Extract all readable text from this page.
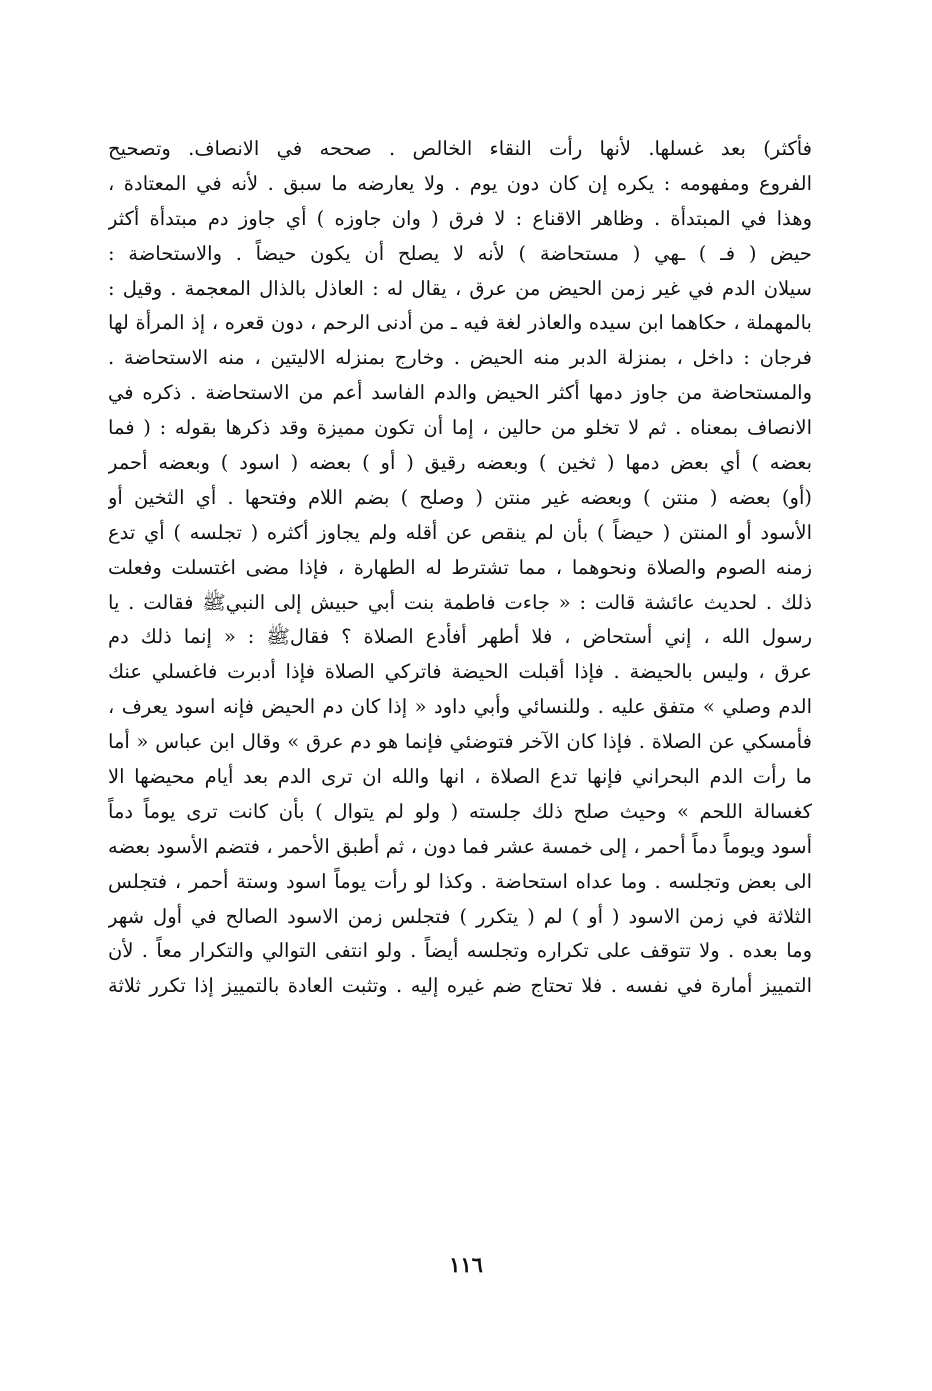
فأكثر) بعد غسلها. لأنها رأت النقاء الخالص . صححه في الانصاف. وتصحيح
الفروع ومفهومه : يكره إن كان دون يوم . ولا يعارضه ما سبق . لأنه في المعتادة ،
وهذا في المبتدأة . وظاهر الاقناع : لا فرق ( وان جاوزه ) أي جاوز دم مبتدأة أكثر
حيض ( فـ ) ـهي ( مستحاضة ) لأنه لا يصلح أن يكون حيضاً . والاستحاضة :
سيلان الدم في غير زمن الحيض من عرق ، يقال له : العاذل بالذال المعجمة . وقيل :
بالمهملة ، حكاهما ابن سيده والعاذر لغة فيه ـ من أدنى الرحم ، دون قعره ، إذ المرأة لها
فرجان : داخل ، بمنزلة الدبر منه الحيض . وخارج بمنزله الاليتين ، منه الاستحاضة .
والمستحاضة من جاوز دمها أكثر الحيض والدم الفاسد أعم من الاستحاضة . ذكره في
الانصاف بمعناه . ثم لا تخلو من حالين ، إما أن تكون مميزة وقد ذكرها بقوله : ( فما
بعضه ) أي بعض دمها ( ثخين ) وبعضه رقيق ( أو ) بعضه ( اسود ) وبعضه أحمر
(أو) بعضه ( منتن ) وبعضه غير منتن ( وصلح ) بضم اللام وفتحها . أي الثخين أو
الأسود أو المنتن ( حيضاً ) بأن لم ينقص عن أقله ولم يجاوز أكثره ( تجلسه ) أي تدع
زمنه الصوم والصلاة ونحوهما ، مما تشترط له الطهارة ، فإذا مضى اغتسلت وفعلت
ذلك . لحديث عائشة قالت : « جاءت فاطمة بنت أبي حبيش إلى النبيﷺ فقالت . يا
رسول الله ، إني أستحاض ، فلا أطهر أفأدع الصلاة ؟ فقالﷺ : « إنما ذلك دم
عرق ، وليس بالحيضة . فإذا أقبلت الحيضة فاتركي الصلاة فإذا أدبرت فاغسلي عنك
الدم وصلي » متفق عليه . وللنسائي وأبي داود « إذا كان دم الحيض فإنه اسود يعرف ،
فأمسكي عن الصلاة . فإذا كان الآخر فتوضئي فإنما هو دم عرق » وقال ابن عباس « أما
ما رأت الدم البحراني فإنها تدع الصلاة ، انها والله ان ترى الدم بعد أيام محيضها الا
كغسالة اللحم » وحيث صلح ذلك جلسته ( ولو لم يتوال ) بأن كانت ترى يوماً دماً
أسود ويوماً دماً أحمر ، إلى خمسة عشر فما دون ، ثم أطبق الأحمر ، فتضم الأسود بعضه
الى بعض وتجلسه . وما عداه استحاضة . وكذا لو رأت يوماً اسود وستة أحمر ، فتجلس
الثلاثة في زمن الاسود ( أو ) لم ( يتكرر ) فتجلس زمن الاسود الصالح في أول شهر
وما بعده . ولا تتوقف على تكراره وتجلسه أيضاً . ولو انتفى التوالي والتكرار معاً . لأن
التمييز أمارة في نفسه . فلا تحتاج ضم غيره إليه . وتثبت العادة بالتمييز إذا تكرر ثلاثة
١١٦
